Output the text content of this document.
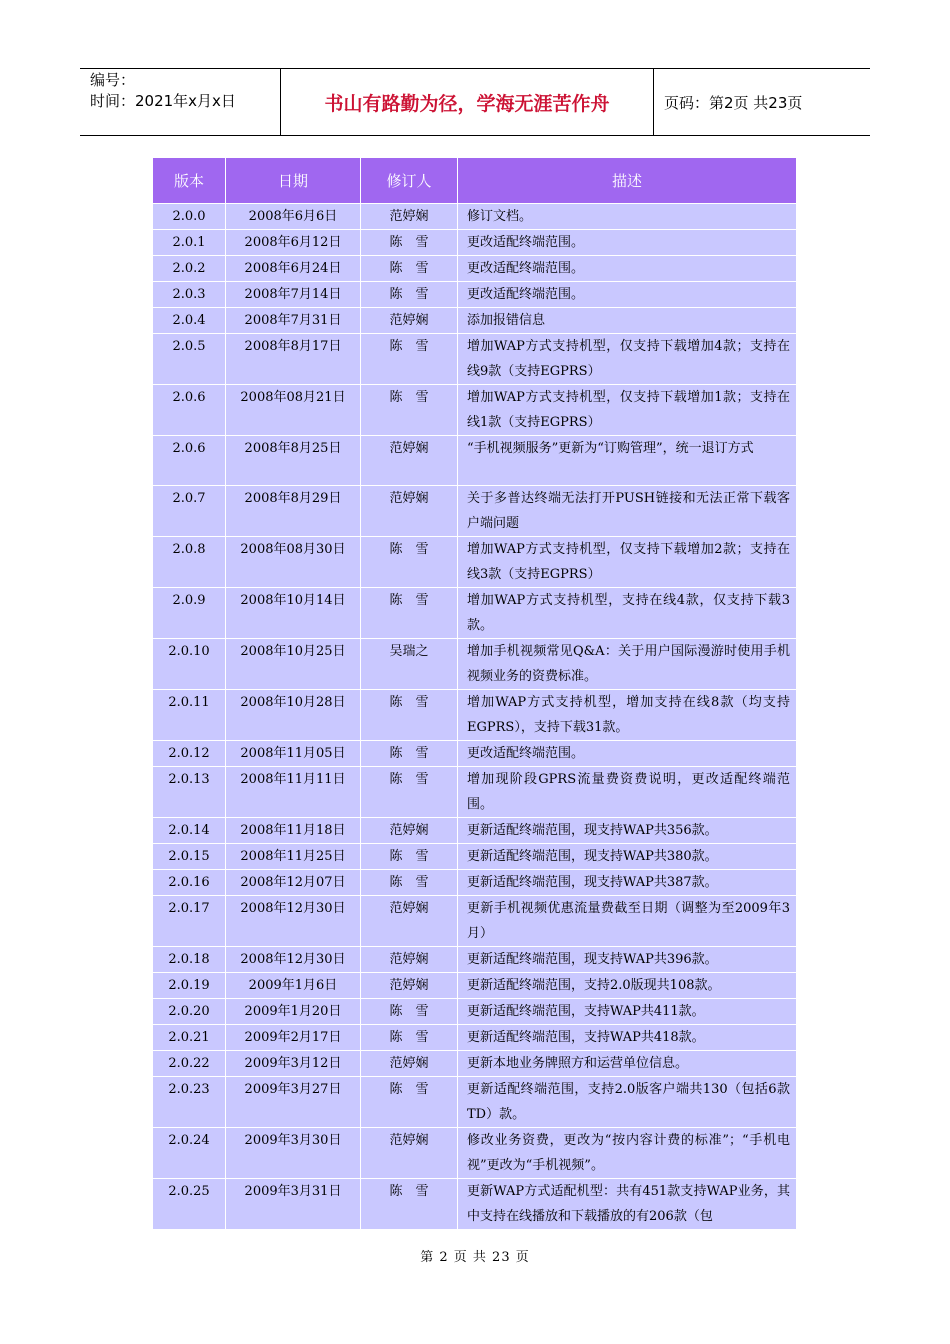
编号：
时间：2021年x月x日	书山有路勤为径，学海无涯苦作舟	页码：第2页 共23页
版本	日期	修订人	描述
2.0.0	2008年6月6日	范婷娴	修订文档。
2.0.1	2008年6月12日	陈　雪	更改适配终端范围。
2.0.2	2008年6月24日	陈　雪	更改适配终端范围。
2.0.3	2008年7月14日	陈　雪	更改适配终端范围。
2.0.4	2008年7月31日	范婷娴	添加报错信息
2.0.5	2008年8月17日	陈　雪	增加WAP方式支持机型，仅支持下载增加4款；支持在线9款（支持EGPRS）
2.0.6	2008年08月21日	陈　雪	增加WAP方式支持机型，仅支持下载增加1款；支持在线1款（支持EGPRS）
2.0.6	2008年8月25日	范婷娴	“手机视频服务”更新为“订购管理”，统一退订方式
2.0.7	2008年8月29日	范婷娴	关于多普达终端无法打开PUSH链接和无法正常下载客户端问题
2.0.8	2008年08月30日	陈　雪	增加WAP方式支持机型，仅支持下载增加2款；支持在线3款（支持EGPRS）
2.0.9	2008年10月14日	陈　雪	增加WAP方式支持机型，支持在线4款，仅支持下载3款。
2.0.10	2008年10月25日	吴瑞之	增加手机视频常见Q&A：关于用户国际漫游时使用手机视频业务的资费标准。
2.0.11	2008年10月28日	陈　雪	增加WAP方式支持机型，增加支持在线8款（均支持EGPRS），支持下载31款。
2.0.12	2008年11月05日	陈　雪	更改适配终端范围。
2.0.13	2008年11月11日	陈　雪	增加现阶段GPRS流量费资费说明，更改适配终端范围。
2.0.14	2008年11月18日	范婷娴	更新适配终端范围，现支持WAP共356款。
2.0.15	2008年11月25日	陈　雪	更新适配终端范围，现支持WAP共380款。
2.0.16	2008年12月07日	陈　雪	更新适配终端范围，现支持WAP共387款。
2.0.17	2008年12月30日	范婷娴	更新手机视频优惠流量费截至日期（调整为至2009年3月）
2.0.18	2008年12月30日	范婷娴	更新适配终端范围，现支持WAP共396款。
2.0.19	2009年1月6日	范婷娴	更新适配终端范围，支持2.0版现共108款。
2.0.20	2009年1月20日	陈　雪	更新适配终端范围，支持WAP共411款。
2.0.21	2009年2月17日	陈　雪	更新适配终端范围，支持WAP共418款。
2.0.22	2009年3月12日	范婷娴	更新本地业务牌照方和运营单位信息。
2.0.23	2009年3月27日	陈　雪	更新适配终端范围，支持2.0版客户端共130（包括6款TD）款。
2.0.24	2009年3月30日	范婷娴	修改业务资费，更改为“按内容计费的标准”；“手机电视”更改为“手机视频”。
2.0.25	2009年3月31日	陈　雪	更新WAP方式适配机型：共有451款支持WAP业务，其中支持在线播放和下载播放的有206款（包
第 2 页 共 23 页
